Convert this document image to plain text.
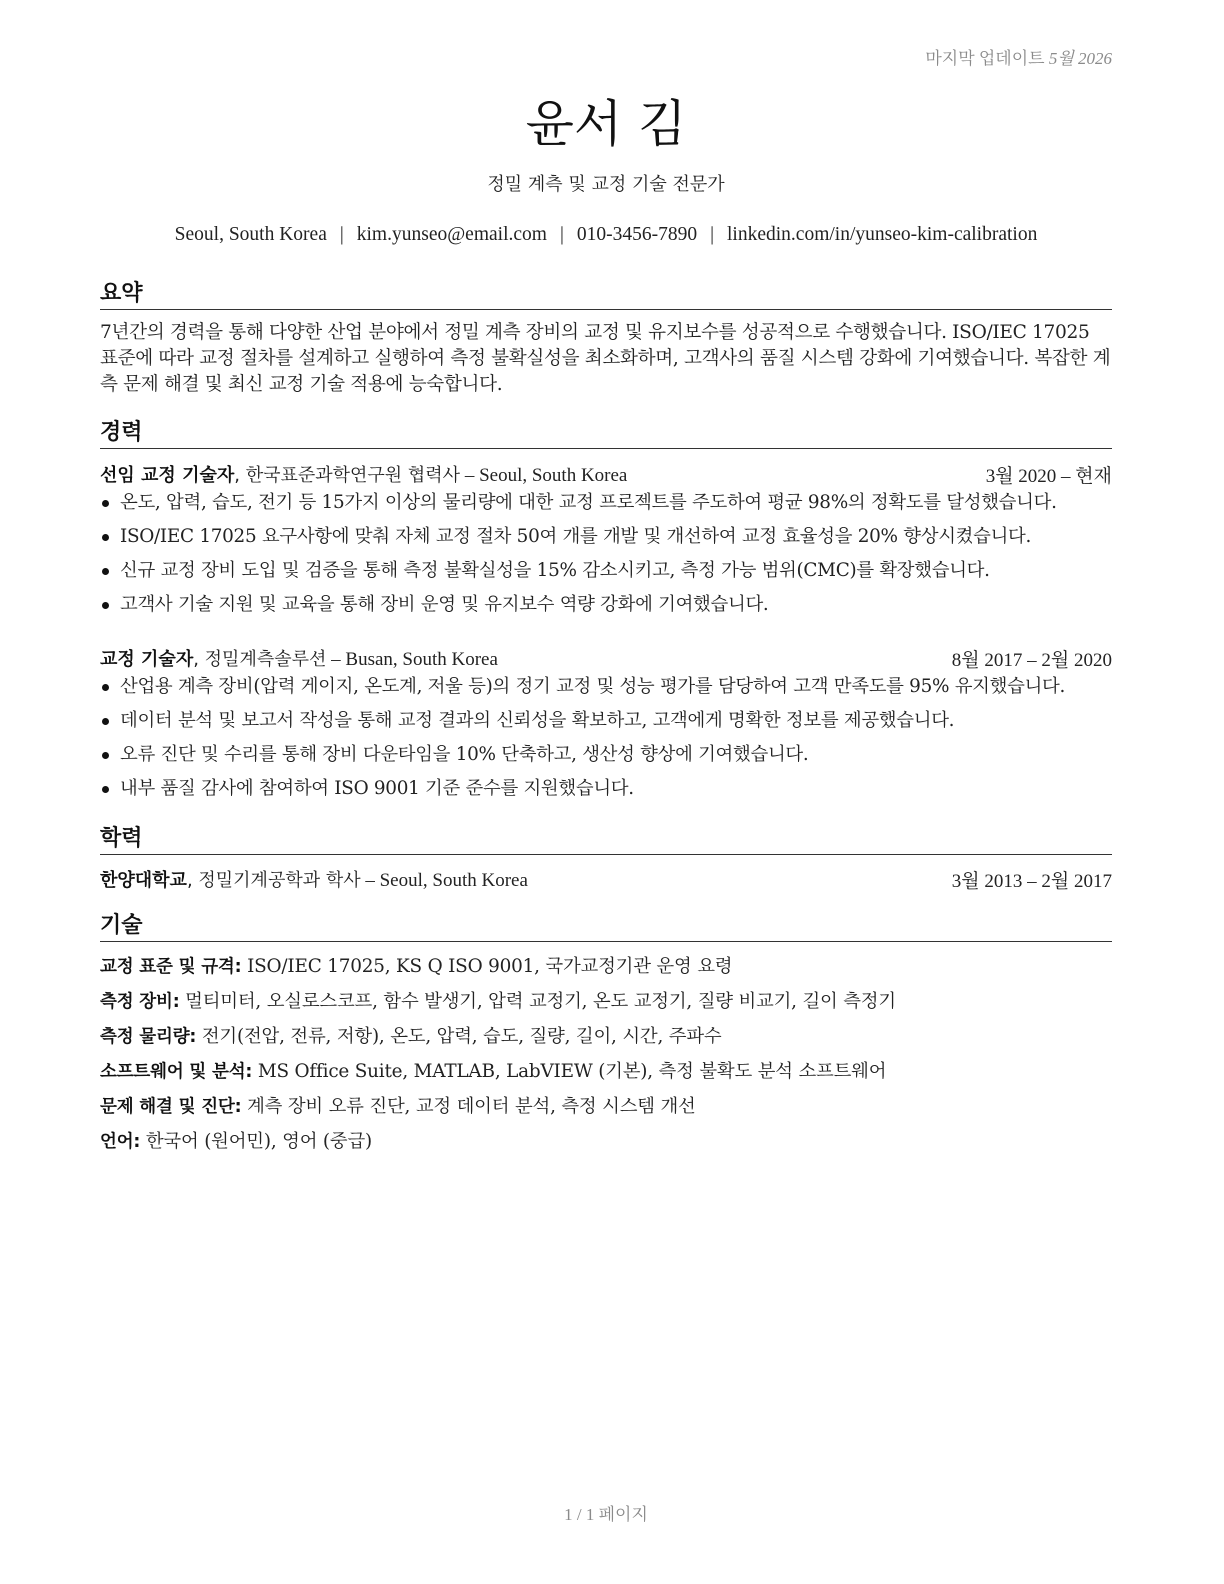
마지막 업데이트 5월 2026
윤서 김
정밀 계측 및 교정 기술 전문가
Seoul, South Korea | kim.yunseo@email.com | 010-3456-7890 | linkedin.com/in/yunseo-kim-calibration
요약
7년간의 경력을 통해 다양한 산업 분야에서 정밀 계측 장비의 교정 및 유지보수를 성공적으로 수행했습니다. ISO/IEC 17025 표준에 따라 교정 절차를 설계하고 실행하여 측정 불확실성을 최소화하며, 고객사의 품질 시스템 강화에 기여했습니다. 복잡한 계측 문제 해결 및 최신 교정 기술 적용에 능숙합니다.
경력
선임 교정 기술자, 한국표준과학연구원 협력사 – Seoul, South Korea	3월 2020 – 현재
온도, 압력, 습도, 전기 등 15가지 이상의 물리량에 대한 교정 프로젝트를 주도하여 평균 98%의 정확도를 달성했습니다.
ISO/IEC 17025 요구사항에 맞춰 자체 교정 절차 50여 개를 개발 및 개선하여 교정 효율성을 20% 향상시켰습니다.
신규 교정 장비 도입 및 검증을 통해 측정 불확실성을 15% 감소시키고, 측정 가능 범위(CMC)를 확장했습니다.
고객사 기술 지원 및 교육을 통해 장비 운영 및 유지보수 역량 강화에 기여했습니다.
교정 기술자, 정밀계측솔루션 – Busan, South Korea	8월 2017 – 2월 2020
산업용 계측 장비(압력 게이지, 온도계, 저울 등)의 정기 교정 및 성능 평가를 담당하여 고객 만족도를 95% 유지했습니다.
데이터 분석 및 보고서 작성을 통해 교정 결과의 신뢰성을 확보하고, 고객에게 명확한 정보를 제공했습니다.
오류 진단 및 수리를 통해 장비 다운타임을 10% 단축하고, 생산성 향상에 기여했습니다.
내부 품질 감사에 참여하여 ISO 9001 기준 준수를 지원했습니다.
학력
한양대학교, 정밀기계공학과 학사 – Seoul, South Korea	3월 2013 – 2월 2017
기술
교정 표준 및 규격: ISO/IEC 17025, KS Q ISO 9001, 국가교정기관 운영 요령
측정 장비: 멀티미터, 오실로스코프, 함수 발생기, 압력 교정기, 온도 교정기, 질량 비교기, 길이 측정기
측정 물리량: 전기(전압, 전류, 저항), 온도, 압력, 습도, 질량, 길이, 시간, 주파수
소프트웨어 및 분석: MS Office Suite, MATLAB, LabVIEW (기본), 측정 불확도 분석 소프트웨어
문제 해결 및 진단: 계측 장비 오류 진단, 교정 데이터 분석, 측정 시스템 개선
언어: 한국어 (원어민), 영어 (중급)
1 / 1 페이지
